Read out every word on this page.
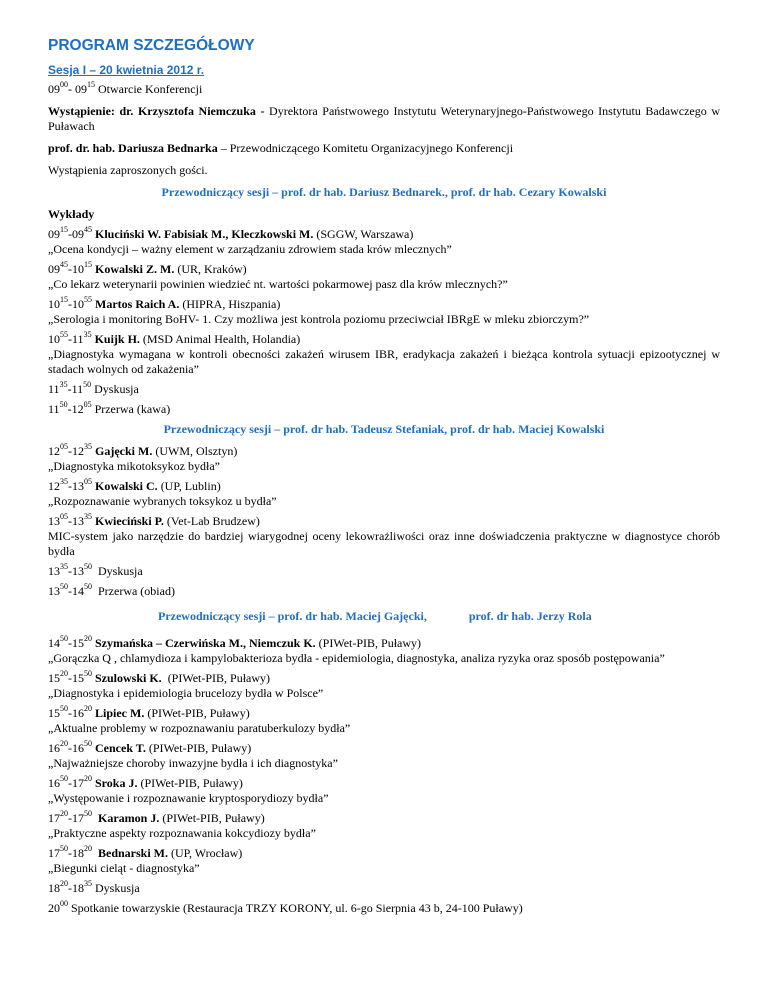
PROGRAM SZCZEGÓŁOWY
Sesja I – 20 kwietnia 2012 r.
$09^{00}-$ $09^{15}$ Otwarcie Konferencji
Wystąpienie: dr. Krzysztofa Niemczuka - Dyrektora Państwowego Instytutu Weterynaryjnego-Państwowego Instytutu Badawczego w Puławach
prof. dr. hab. Dariusza Bednarka – Przewodniczącego Komitetu Organizacyjnego Konferencji
Wystąpienia zaproszonych gości.
Przewodniczący sesji – prof. dr hab. Dariusz Bednarek., prof. dr hab. Cezary Kowalski
Wykłady
$09^{15}-09^{45}$ Kluciński W. Fabisiak M., Kleczkowski M. (SGGW, Warszawa)
„Ocena kondycji – ważny element w zarządzaniu zdrowiem stada krów mlecznych”
$09^{45}-10^{15}$ Kowalski Z. M. (UR, Kraków)
„Co lekarz weterynarii powinien wiedzieć nt. wartości pokarmowej pasz dla krów mlecznych?”
$10^{15}-10^{55}$ Martos Raich A. (HIPRA, Hiszpania)
„Serologia i monitoring BoHV- 1. Czy możliwa jest kontrola poziomu przeciwciał IBRgE w mleku zbiorczym?”
$10^{55}-11^{35}$ Kuijk H. (MSD Animal Health, Holandia)
„Diagnostyka wymagana w kontroli obecności zakażeń wirusem IBR, eradykacja zakażeń i bieżąca kontrola sytuacji epizootycznej w stadach wolnych od zakażenia”
$11^{35}-11^{50}$ Dyskusja
$11^{50}-12^{05}$ Przerwa (kawa)
Przewodniczący sesji – prof. dr hab. Tadeusz Stefaniak, prof. dr hab. Maciej Kowalski
$12^{05}-12^{35}$ Gajęcki M. (UWM, Olsztyn)
„Diagnostyka mikotoksykoz bydła”
$12^{35}-13^{05}$ Kowalski C. (UP, Lublin)
„Rozpoznawanie wybranych toksykoz u bydła”
$13^{05}-13^{35}$ Kwieciński P. (Vet-Lab Brudzew)
MIC-system jako narzędzie do bardziej wiarygodnej oceny lekowrażliwości oraz inne doświadczenia praktyczne w diagnostyce chorób bydła
$13^{35}-13^{50}$  Dyskusja
$13^{50}-14^{50}$  Przerwa (obiad)
Przewodniczący sesji – prof. dr hab. Maciej Gajęcki,	prof. dr hab. Jerzy Rola
$14^{50}-15^{20}$ Szymańska – Czerwińska M., Niemczuk K. (PIWet-PIB, Puławy)
„Gorączka Q , chlamydioza i kampylobakterioza bydła - epidemiologia, diagnostyka, analiza ryzyka oraz sposób postępowania”
$15^{20}-15^{50}$ Szulowski K.  (PIWet-PIB, Puławy)
„Diagnostyka i epidemiologia brucelozy bydła w Polsce”
$15^{50}-16^{20}$ Lipiec M. (PIWet-PIB, Puławy)
„Aktualne problemy w rozpoznawaniu paratuberkulozy bydła”
$16^{20}-16^{50}$ Cencek T. (PIWet-PIB, Puławy)
„Najważniejsze choroby inwazyjne bydła i ich diagnostyka”
$16^{50}-17^{20}$ Sroka J. (PIWet-PIB, Puławy)
„Występowanie i rozpoznawanie kryptosporydiozy bydła”
$17^{20}-17^{50}$  Karamon J. (PIWet-PIB, Puławy)
„Praktyczne aspekty rozpoznawania kokcydiozy bydła”
$17^{50}-18^{20}$  Bednarski M. (UP, Wrocław)
„Biegunki cieląt - diagnostyka”
$18^{20}-18^{35}$ Dyskusja
$20^{00}$ Spotkanie towarzyskie (Restauracja TRZY KORONY, ul. 6-go Sierpnia 43 b, 24-100 Puławy)
